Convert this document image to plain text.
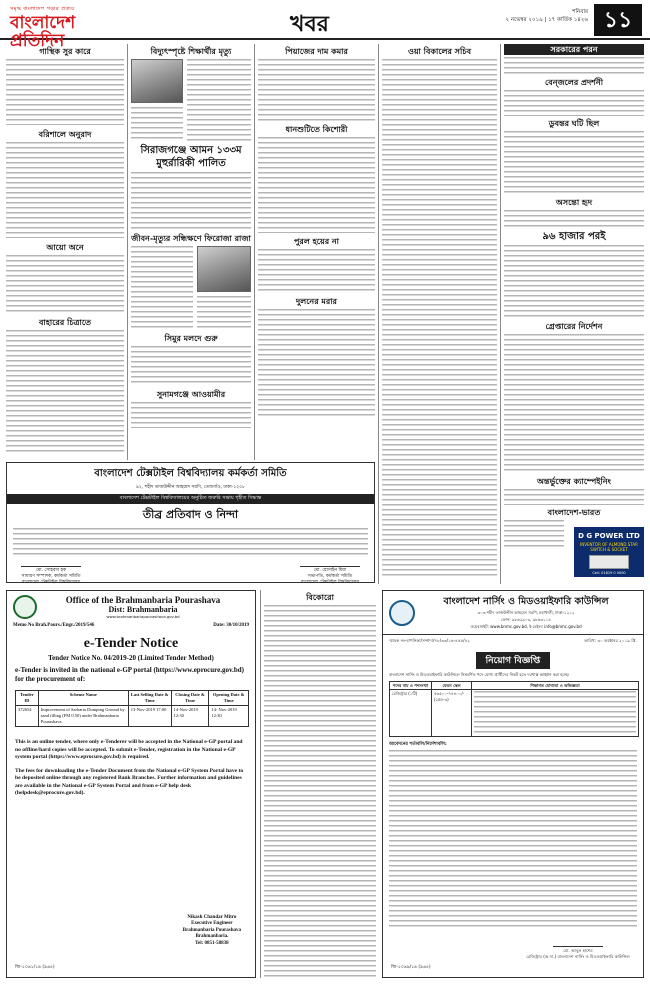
সমৃদ্ধ বাংলাদেশ গড়ার প্রত্যয়
বাংলাদেশ প্রতিদিন
খবর	শনিবার
২ নভেম্বর ২০১৯ | ১৭ কার্তিক ১৪২৬ ১১
গাস্থিক সুর কারে
বরিশালে অনুরাদ
আয়ো অনে
বাহারের চিত্রাতে
বিদ্যুৎস্পৃষ্টে শিক্ষার্থীর মৃত্যু
সিরাজগঞ্জে আমন ১৩৩ম মুহুর্রারিকী পালিত
জীবন-মৃত্যুর সন্ধিক্ষণে ফিরোজা রাজা
সিমুর মলদে গুরু
সুনামগঞ্জে আওয়ামীর
পিয়াজের দাম কমার
ধানশুটিতে কিশোরী
পুরল হয়ের না
দুলনের মরার
ওয়া বিকালের সচিব	সরকারের পরন
বেন্জলের প্রদর্শনী
ডুবন্তর ঘটি ছিল
অসন্তো হৃদ
৯৬ হাজার পরই
গ্রেপ্তারের নির্দেশন
অন্তর্ভুক্তের ক্যাম্পেইনিং
বাংলাদেশ-ভারত
D G POWER LTD
INVENTOR OF ALMOND STAR SWITCH & SOCKET
Cell: 01819 0 0000
বাংলাদেশ টেক্সটাইল বিশ্ববিদ্যালয় কর্মকর্তা সমিতি
৯২, শহীদ তাজউদ্দীন আহমেদ সরণি, তেজগাঁও, ঢাকা-১২০৮
বাংলাদেশ টেক্সটাইল বিশ্ববিদ্যালয়ের অনুষ্ঠিত জরুরি সভায় গৃহীত সিদ্ধান্ত
তীব্র প্রতিবাদ ও নিন্দা
মো. সোহরাব হক
সাধারণ সম্পাদক, কর্মকর্তা সমিতি
বাংলাদেশ টেক্সটাইল বিশ্ববিদ্যালয়
মো. হোসাইন মিয়া
সভাপতি, কর্মকর্তা সমিতি
বাংলাদেশ টেক্সটাইল বিশ্ববিদ্যালয়
Office of the Brahmanbaria Pourashava
Dist: Brahmanbaria
www.brahmanbariapourashava.gov.bd
Memo No Brah.Pours./Engr./2019/546	Date: 30/10/2019
e-Tender Notice
Tender Notice No. 04/2019-20 (Limited Tender Method)
e-Tender is invited in the national e-GP portal (https://www.eprocure.gov.bd) for the procurement of:
Tender ID	Scheme Name	Last Selling Date & Time	Closing Date & Time	Opening Date & Time
372654	Improvement of Sarbaria Dumping Ground by sand filling (FM 0.50) under Brahmanbaria Pourashava.	13-Nov-2019 17:00	14-Nov-2019 12:30	14- Nov-2019 12:30
This is an online tender, where only e-Tenderer will be accepted in the National e-GP portal and no offline/hard copies will be accepted. To submit e-Tender, registration in the National e-GP system portal (https://www.eprocure.gov.bd) is required.
The fees for downloading the e-Tender Document from the National e-GP System Portal have to be deposited online through any registered Bank Branches. Further information and guidelines are available in the National e-GP System Portal and from e-GP help desk (helpdesk@eprocure.gov.bd).
Nikash Chandar Mitro
Executive Engineer
Brahmanbaria Pourashava
Brahmanbaria.
Tel: 0851-58838
জি-১০৬১/১৯ (৯৬৫)
বিকোরো	বাংলাদেশ নার্সিং ও মিডওয়াইফারি কাউন্সিল
৩০৩ শহীদ তাজউদ্দীন আহমেদ সরণি, মহাখালী, ঢাকা-১২১২
ফোন: ৯৮৬২৯০৩, ৯৮৬৩১১৪
ওয়েবসাইট: www.bnmc.gov.bd, ই-মেইল: info@bnmc.gov.bd
স্মারক নং-বাপনিকা/সম্প্রদা/৭৮/৩৩/১৬-৪৫৫/৪২	তারিখ: ৩০ অক্টোবর ২০১৯ খ্রি.
নিয়োগ বিজ্ঞপ্তি
বাংলাদেশ নার্সিং ও মিডওয়াইফারি কাউন্সিলে নিম্নবর্ণিত পদে যোগ্য প্রার্থীদের নিকট হতে দরখাস্ত আহ্বান করা হচ্ছে।
পদের নাম ও পদসংখ্যা	বেতন স্কেল	শিক্ষাগত যোগ্যতা ও অভিজ্ঞতা
রেজিস্ট্রার (১টি)	৫৬৫০০-৭৪৪০০/- (গ্রেড-৩)	
আবেদনের শর্তাবলি/নির্দেশাবলি:
মো. আবুল হাশেম
রেজিস্ট্রার (অ.দা.) বাংলাদেশ নার্সিং ও মিডওয়াইফারি কাউন্সিল
জি-১০৬৯/১৯ (৯৬৫)
